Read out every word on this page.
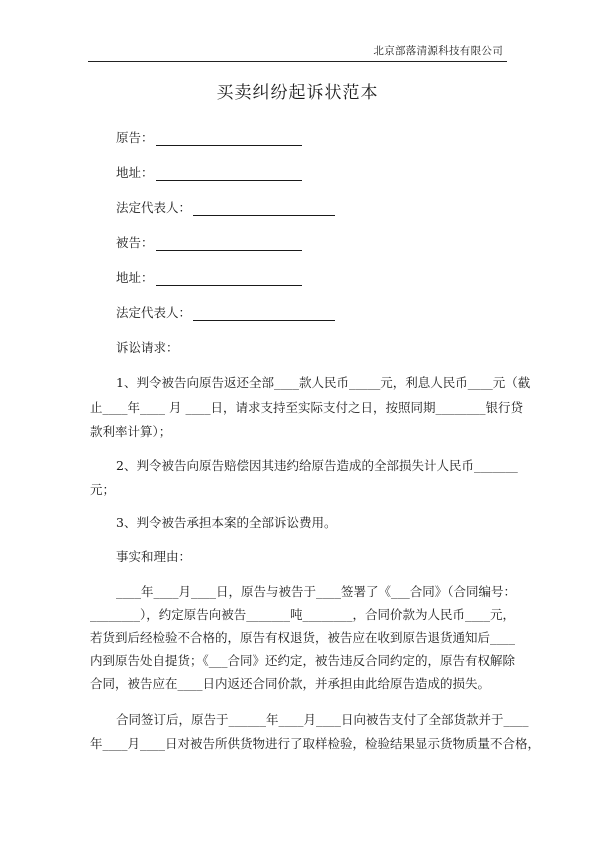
北京部落清源科技有限公司
买卖纠纷起诉状范本
原告：
地址：
法定代表人：
被告：
地址：
法定代表人：
诉讼请求：
1、判令被告向原告返还全部____款人民币_____元，利息人民币____元（截
止____年____ 月 ____日，请求支持至实际支付之日，按照同期________银行贷
款利率计算）；
2、判令被告向原告赔偿因其违约给原告造成的全部损失计人民币_______
元；
3、判令被告承担本案的全部诉讼费用。
事实和理由：
____年____月____日，原告与被告于____签署了《___合同》（合同编号：
________），约定原告向被告_______吨________，合同价款为人民币____元，
若货到后经检验不合格的，原告有权退货，被告应在收到原告退货通知后____
内到原告处自提货；《___合同》还约定，被告违反合同约定的，原告有权解除
合同，被告应在____日内返还合同价款，并承担由此给原告造成的损失。
合同签订后，原告于______年____月____日向被告支付了全部货款并于____
年____月____日对被告所供货物进行了取样检验，检验结果显示货物质量不合格，
